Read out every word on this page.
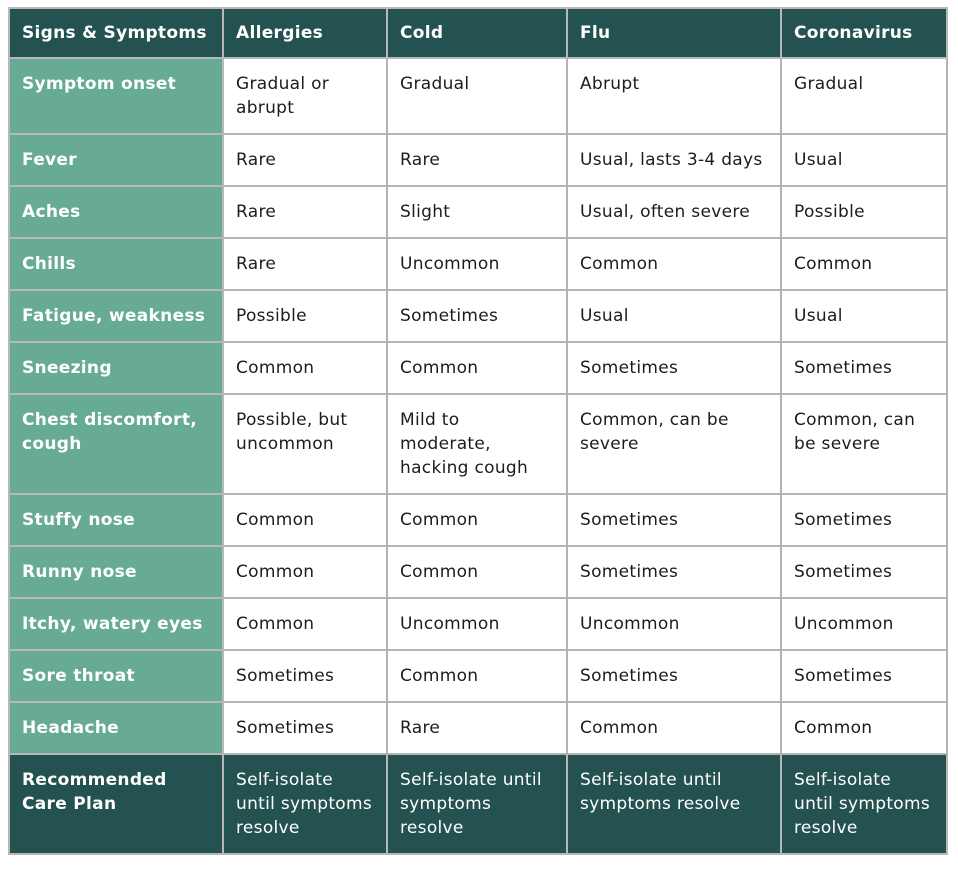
Signs & Symptoms	Allergies	Cold	Flu	Coronavirus
Symptom onset	Gradual or abrupt	Gradual	Abrupt	Gradual
Fever	Rare	Rare	Usual, lasts 3-4 days	Usual
Aches	Rare	Slight	Usual, often severe	Possible
Chills	Rare	Uncommon	Common	Common
Fatigue, weakness	Possible	Sometimes	Usual	Usual
Sneezing	Common	Common	Sometimes	Sometimes
Chest discomfort, cough	Possible, but uncommon	Mild to moderate, hacking cough	Common, can be severe	Common, can be severe
Stuffy nose	Common	Common	Sometimes	Sometimes
Runny nose	Common	Common	Sometimes	Sometimes
Itchy, watery eyes	Common	Uncommon	Uncommon	Uncommon
Sore throat	Sometimes	Common	Sometimes	Sometimes
Headache	Sometimes	Rare	Common	Common
Recommended Care Plan	Self-isolate until symptoms resolve	Self-isolate until symptoms resolve	Self-isolate until symptoms resolve	Self-isolate until symptoms resolve
